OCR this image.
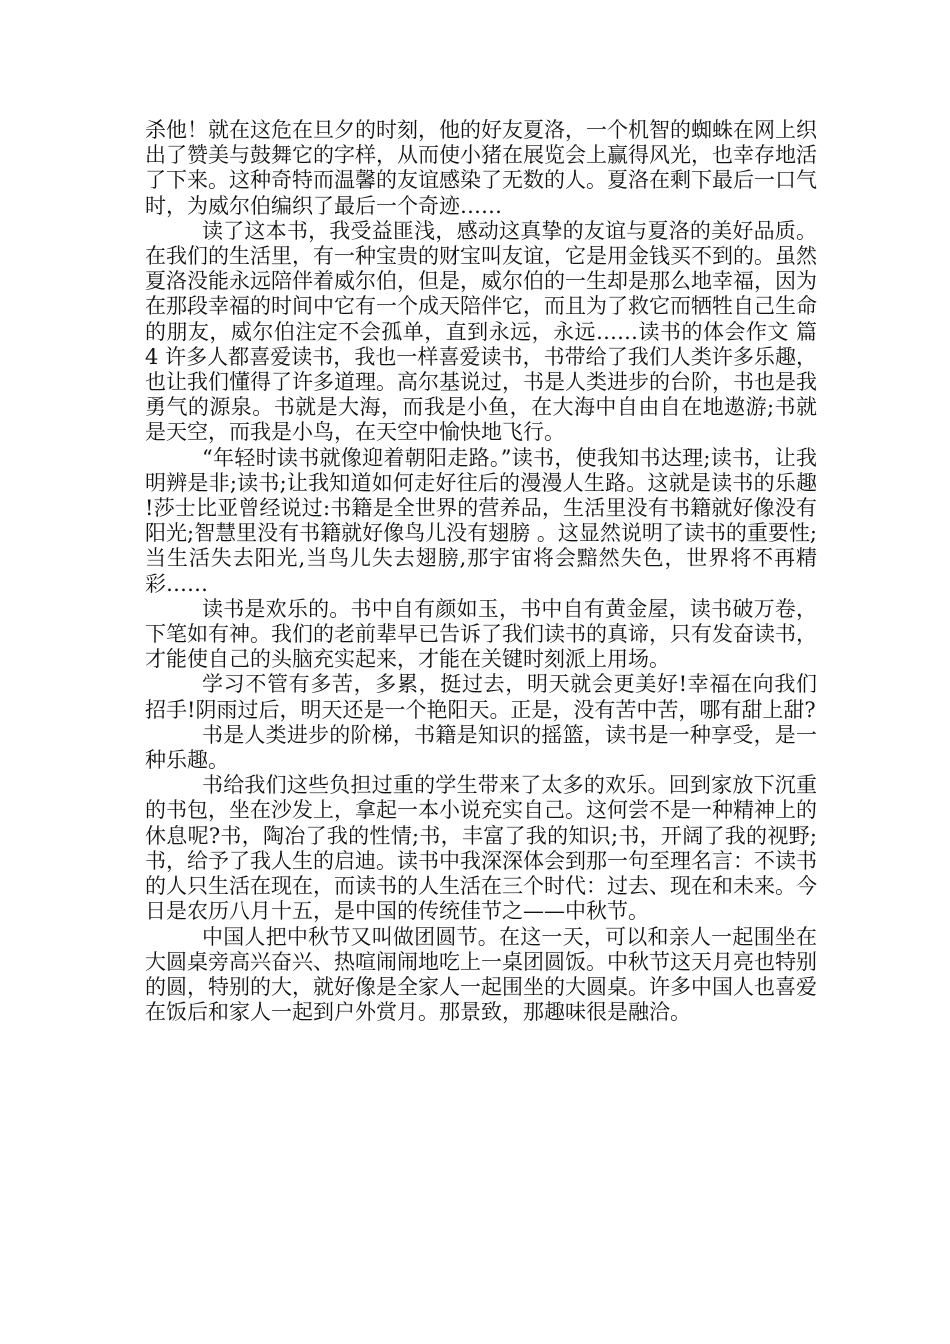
杀他！就在这危在旦夕的时刻，他的好友夏洛，一个机智的蜘蛛在网上织出了赞美与鼓舞它的字样，从而使小猪在展览会上赢得风光，也幸存地活了下来。这种奇特而温馨的友谊感染了无数的人。夏洛在剩下最后一口气时，为威尔伯编织了最后一个奇迹……

读了这本书，我受益匪浅，感动这真挚的友谊与夏洛的美好品质。在我们的生活里，有一种宝贵的财宝叫友谊，它是用金钱买不到的。虽然夏洛没能永远陪伴着威尔伯，但是，威尔伯的一生却是那么地幸福，因为在那段幸福的时间中它有一个成天陪伴它，而且为了救它而牺牲自己生命的朋友，威尔伯注定不会孤单，直到永远，永远……读书的体会作文 篇 4 许多人都喜爱读书，我也一样喜爱读书，书带给了我们人类许多乐趣，也让我们懂得了许多道理。高尔基说过，书是人类进步的台阶，书也是我勇气的源泉。书就是大海，而我是小鱼，在大海中自由自在地遨游;书就是天空，而我是小鸟，在天空中愉快地飞行。

“年轻时读书就像迎着朝阳走路。”读书，使我知书达理;读书，让我明辨是非;读书;让我知道如何走好往后的漫漫人生路。这就是读书的乐趣 !莎士比亚曾经说过:书籍是全世界的营养品，生活里没有书籍就好像没有阳光;智慧里没有书籍就好像鸟儿没有翅膀 。这显然说明了读书的重要性;当生活失去阳光,当鸟儿失去翅膀,那宇宙将会黯然失色，世界将不再精彩……

读书是欢乐的。书中自有颜如玉，书中自有黄金屋，读书破万卷，下笔如有神。我们的老前辈早已告诉了我们读书的真谛，只有发奋读书，才能使自己的头脑充实起来，才能在关键时刻派上用场。

学习不管有多苦，多累，挺过去，明天就会更美好!幸福在向我们招手!阴雨过后，明天还是一个艳阳天。正是，没有苦中苦，哪有甜上甜?

书是人类进步的阶梯，书籍是知识的摇篮，读书是一种享受，是一种乐趣。

书给我们这些负担过重的学生带来了太多的欢乐。回到家放下沉重的书包，坐在沙发上，拿起一本小说充实自己。这何尝不是一种精神上的休息呢?书，陶冶了我的性情;书，丰富了我的知识;书，开阔了我的视野;书，给予了我人生的启迪。读书中我深深体会到那一句至理名言：不读书的人只生活在现在，而读书的人生活在三个时代：过去、现在和未来。今日是农历八月十五，是中国的传统佳节之——中秋节。

中国人把中秋节又叫做团圆节。在这一天，可以和亲人一起围坐在大圆桌旁高兴奋兴、热喧闹闹地吃上一桌团圆饭。中秋节这天月亮也特别的圆，特别的大，就好像是全家人一起围坐的大圆桌。许多中国人也喜爱在饭后和家人一起到户外赏月。那景致，那趣味很是融洽。
